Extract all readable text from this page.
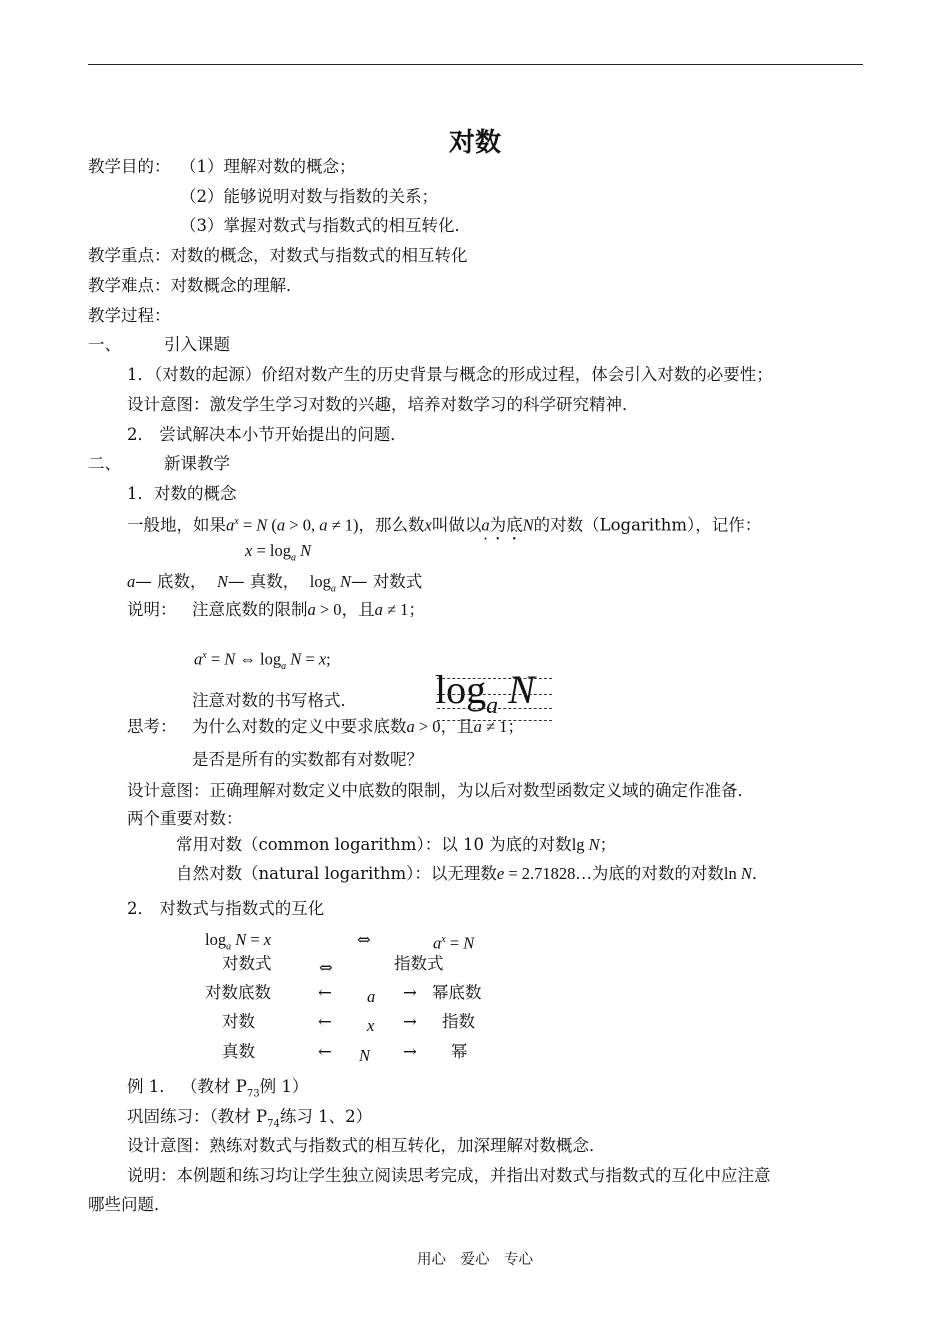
对数
教学目的： （1）理解对数的概念；
（2）能够说明对数与指数的关系；
（3）掌握对数式与指数式的相互转化．
教学重点：对数的概念，对数式与指数式的相互转化
教学难点：对数概念的理解．
教学过程：
一、	引入课题
1．（对数的起源）价绍对数产生的历史背景与概念的形成过程，体会引入对数的必要性；
设计意图：激发学生学习对数的兴趣，培养对数学习的科学研究精神．
2． 尝试解决本小节开始提出的问题．
二、	新课教学
1．对数的概念
一般地，如果$a^x = N$ (a > 0, a ≠ 1)，那么数x叫做以a为底N的对数（Logarithm），记作：
$x = \log_a N$
a— 底数， N— 真数， $\log_a$ N— 对数式
说明： 注意底数的限制a > 0，且a ≠ 1；
$a^x = N$ ⇔ $\log_a N = x$;
注意对数的书写格式． $\log_a N$
思考： 为什么对数的定义中要求底数a > 0，且a ≠ 1；
是否是所有的实数都有对数呢？
设计意图：正确理解对数定义中底数的限制，为以后对数型函数定义域的确定作准备．
两个重要对数：
常用对数（common logarithm）：以 10 为底的对数lg N；
自然对数（natural logarithm）：以无理数e = 2.71828…为底的对数的对数ln N．
2． 对数式与指数式的互化
$\log_a N = x$	⇔	$a^x = N$
对数式	⇔	指数式
对数底数	← a → 幂底数
对数	← x → 指数
真数	← N → 幂
例 1． （教材 $P_{73}$例 1）
巩固练习：（教材 $P_{74}$练习 1、2）
设计意图：熟练对数式与指数式的相互转化，加深理解对数概念．
说明：本例题和练习均让学生独立阅读思考完成，并指出对数式与指数式的互化中应注意
哪些问题．
用心　爱心　专心
